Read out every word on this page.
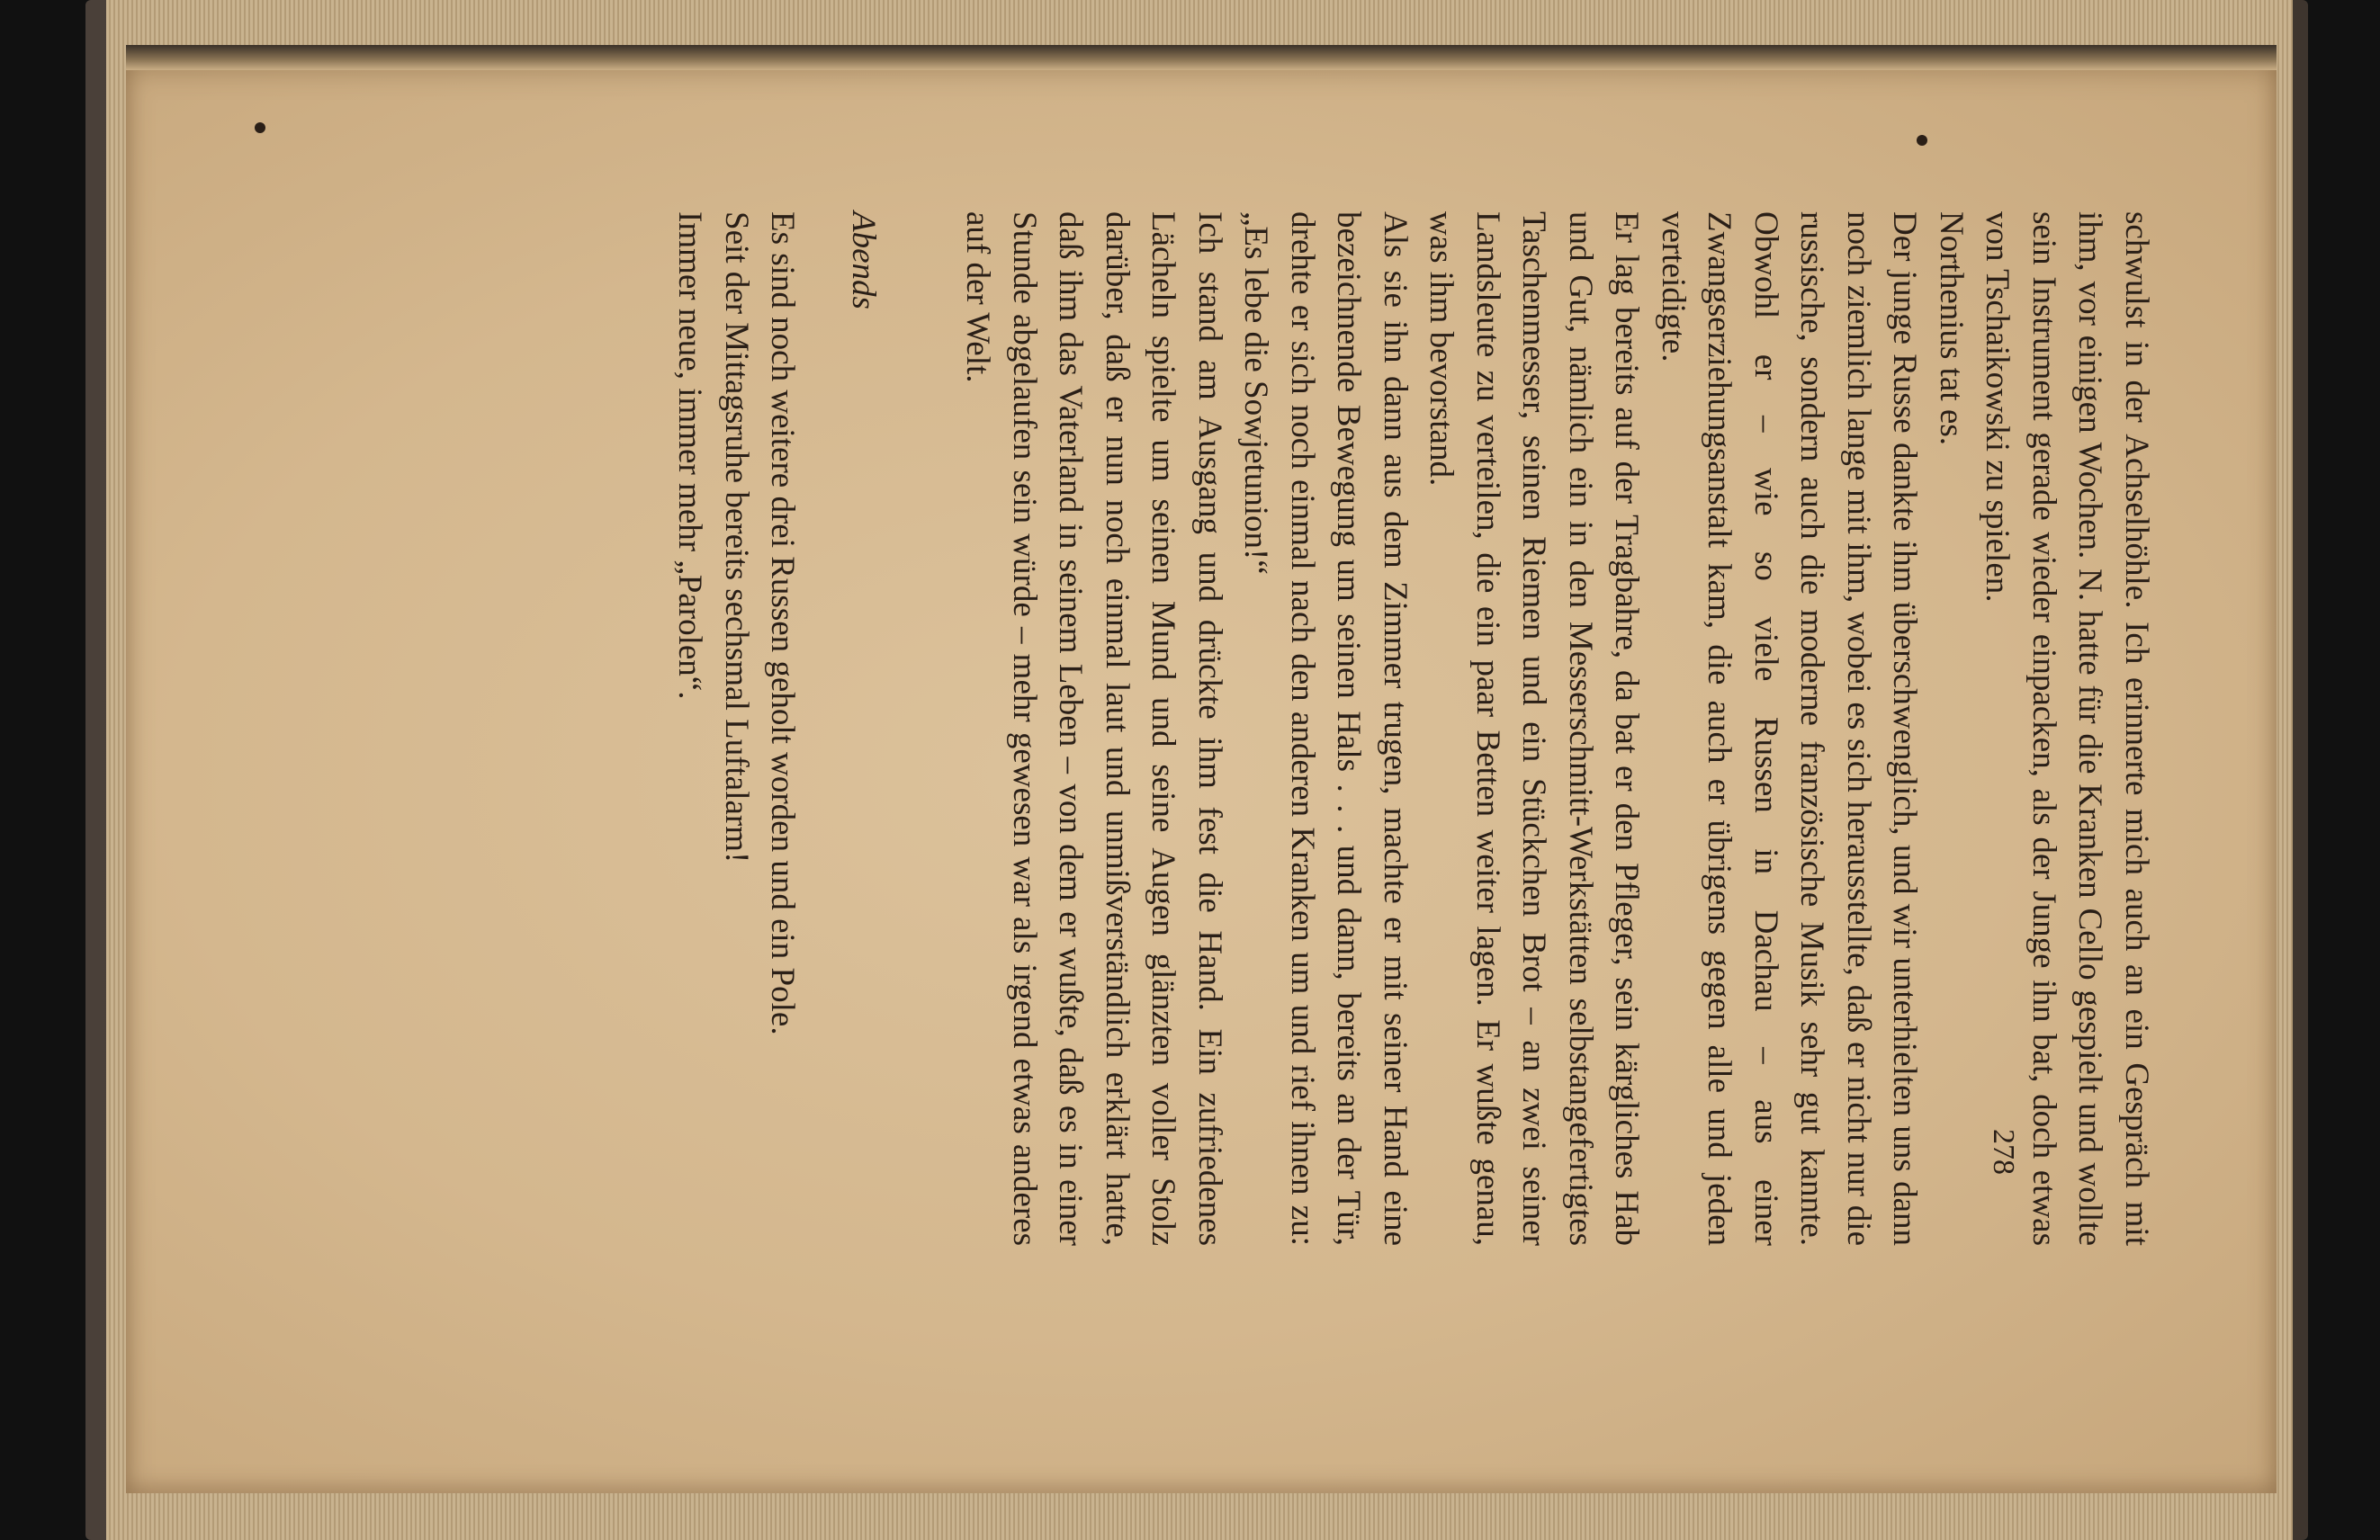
schwulst in der Achselhöhle. Ich erinnerte mich auch an ein Gespräch mit ihm, vor einigen Wochen. N. hatte für die Kranken Cello gespielt und wollte sein Instrument gerade wieder einpacken, als der Junge ihn bat, doch etwas von Tschaikowski zu spielen.

Northenius tat es.

Der junge Russe dankte ihm überschwenglich, und wir unterhielten uns dann noch ziemlich lange mit ihm, wobei es sich herausstellte, daß er nicht nur die russische, sondern auch die moderne französische Musik sehr gut kannte. Obwohl er – wie so viele Russen in Dachau – aus einer Zwangserziehungsanstalt kam, die auch er übrigens gegen alle und jeden verteidigte.

Er lag bereits auf der Tragbahre, da bat er den Pfleger, sein kärgliches Hab und Gut, nämlich ein in den Messerschmitt-Werkstätten selbstangefertigtes Taschenmesser, seinen Riemen und ein Stückchen Brot – an zwei seiner Landsleute zu verteilen, die ein paar Betten weiter lagen. Er wußte genau, was ihm bevorstand.

Als sie ihn dann aus dem Zimmer trugen, machte er mit seiner Hand eine bezeichnende Bewegung um seinen Hals . . . und dann, bereits an der Tür, drehte er sich noch einmal nach den anderen Kranken um und rief ihnen zu: „Es lebe die Sowjetunion!“

Ich stand am Ausgang und drückte ihm fest die Hand. Ein zufriedenes Lächeln spielte um seinen Mund und seine Augen glänzten voller Stolz darüber, daß er nun noch einmal laut und unmißverständlich erklärt hatte, daß ihm das Vaterland in seinem Leben – von dem er wußte, daß es in einer Stunde abgelaufen sein würde – mehr gewesen war als irgend etwas anderes auf der Welt.

Abends

Es sind noch weitere drei Russen geholt worden und ein Pole.

Seit der Mittagsruhe bereits sechsmal Luftalarm!

Immer neue, immer mehr „Parolen“.

278
